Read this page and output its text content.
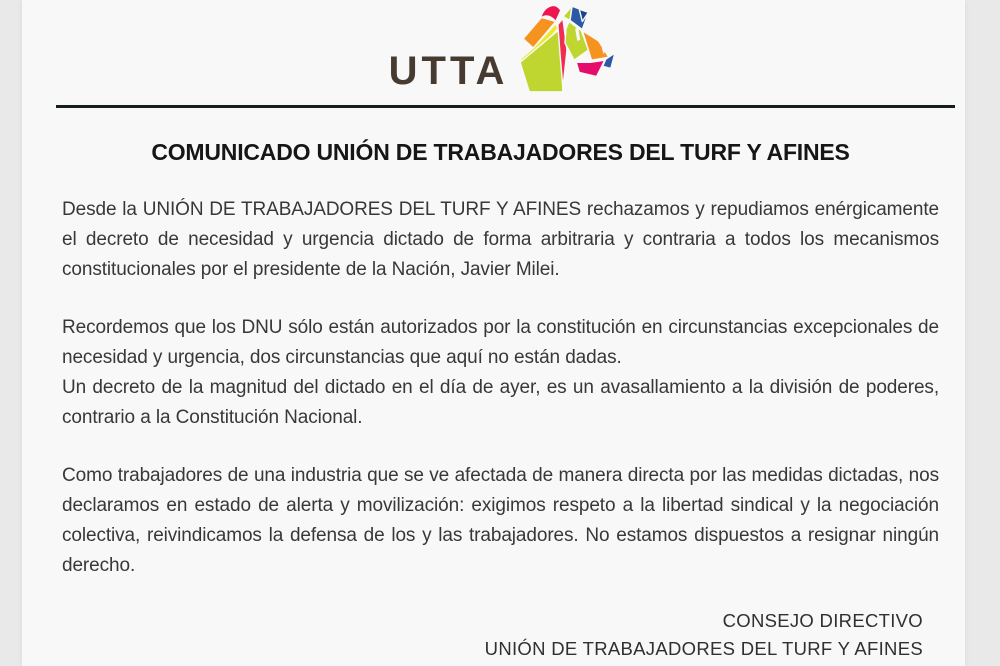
UTTA
COMUNICADO UNIÓN DE TRABAJADORES DEL TURF Y AFINES

Desde la UNIÓN DE TRABAJADORES DEL TURF Y AFINES rechazamos y repudiamos enérgicamente el decreto de necesidad y urgencia dictado de forma arbitraria y contraria a todos los mecanismos constitucionales por el presidente de la Nación, Javier Milei.

Recordemos que los DNU sólo están autorizados por la constitución en circunstancias excepcionales de necesidad y urgencia, dos circunstancias que aquí no están dadas.

Un decreto de la magnitud del dictado en el día de ayer, es un avasallamiento a la división de poderes, contrario a la Constitución Nacional.

Como trabajadores de una industria que se ve afectada de manera directa por las medidas dictadas, nos declaramos en estado de alerta y movilización: exigimos respeto a la libertad sindical y la negociación colectiva, reivindicamos la defensa de los y las trabajadores. No estamos dispuestos a resignar ningún derecho.

CONSEJO DIRECTIVO
UNIÓN DE TRABAJADORES DEL TURF Y AFINES
